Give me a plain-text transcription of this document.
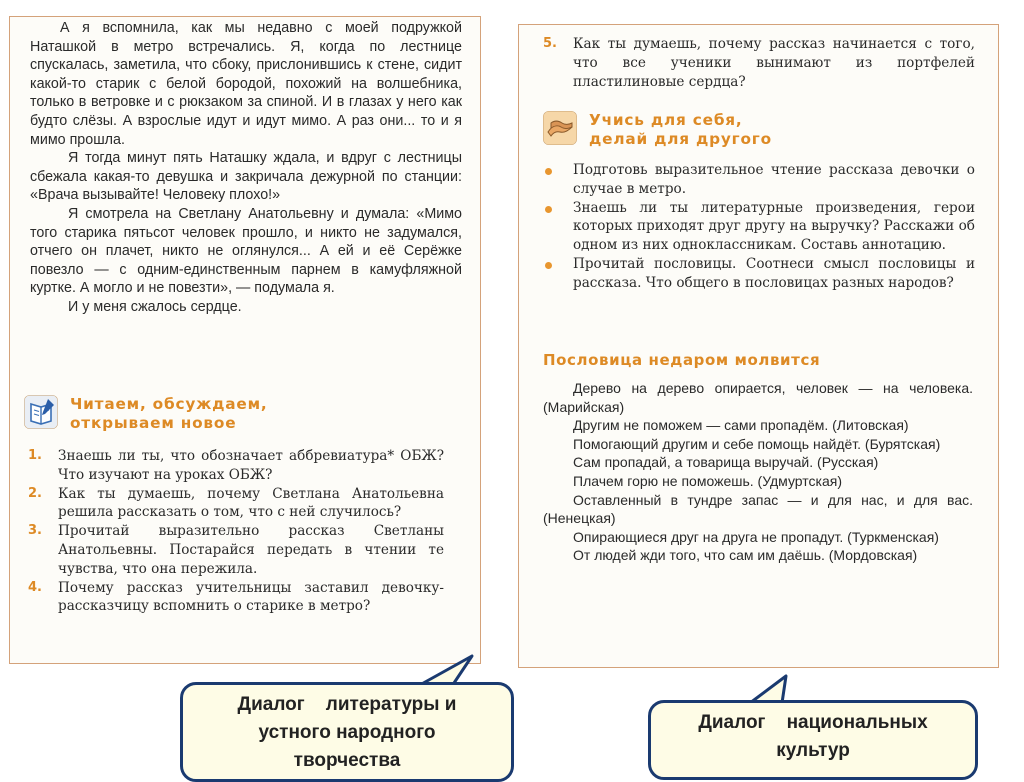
А я вспомнила, как мы недавно с моей подружкой Наташкой в метро встречались. Я, когда по лестнице спускалась, заметила, что сбоку, прислонившись к стене, сидит какой-то старик с белой бородой, похожий на волшебника, только в ветровке и с рюкзаком за спиной. И в глазах у него как будто слёзы. А взрослые идут и идут мимо. А раз они... то и я мимо прошла.

Я тогда минут пять Наташку ждала, и вдруг с лестницы сбежала какая-то девушка и закричала дежурной по станции: «Врача вызывайте! Человеку плохо!»

Я смотрела на Светлану Анатольевну и думала: «Мимо того старика пятьсот человек прошло, и никто не задумался, отчего он плачет, никто не оглянулся... А ей и её Серёжке повезло — с одним-единственным парнем в камуфляжной куртке. А могло и не повезти», — подумала я.

И у меня сжалось сердце.

Читаем, обсуждаем,
открываем новое
1. Знаешь ли ты, что обозначает аббревиатура* ОБЖ? Что изучают на уроках ОБЖ?
2. Как ты думаешь, почему Светлана Анатольевна решила рассказать о том, что с ней случилось?
3. Прочитай выразительно рассказ Светланы Анатольевны. Постарайся передать в чтении те чувства, что она пережила.
4. Почему рассказ учительницы заставил девочку-рассказчицу вспомнить о старике в метро?
5. Как ты думаешь, почему рассказ начинается с того, что все ученики вынимают из портфелей пластилиновые сердца?
Учись для себя,
делай для другого
Подготовь выразительное чтение рассказа девочки о случае в метро.
Знаешь ли ты литературные произведения, герои которых приходят друг другу на выручку? Расскажи об одном из них одноклассникам. Составь аннотацию.
Прочитай пословицы. Соотнеси смысл пословицы и рассказа. Что общего в пословицах разных народов?
Пословица недаром молвится

Дерево на дерево опирается, человек — на человека. (Марийская)

Другим не поможем — сами пропадём. (Литовская)

Помогающий другим и себе помощь найдёт. (Бурятская)

Сам пропадай, а товарища выручай. (Русская)

Плачем горю не поможешь. (Удмуртская)

Оставленный в тундре запас — и для нас, и для вас. (Ненецкая)

Опирающиеся друг на друга не пропадут. (Туркменская)

От людей жди того, что сам им даёшь. (Мордовская)

Диалог    литературы и
устного народного
творчества
Диалог    национальных
культур
